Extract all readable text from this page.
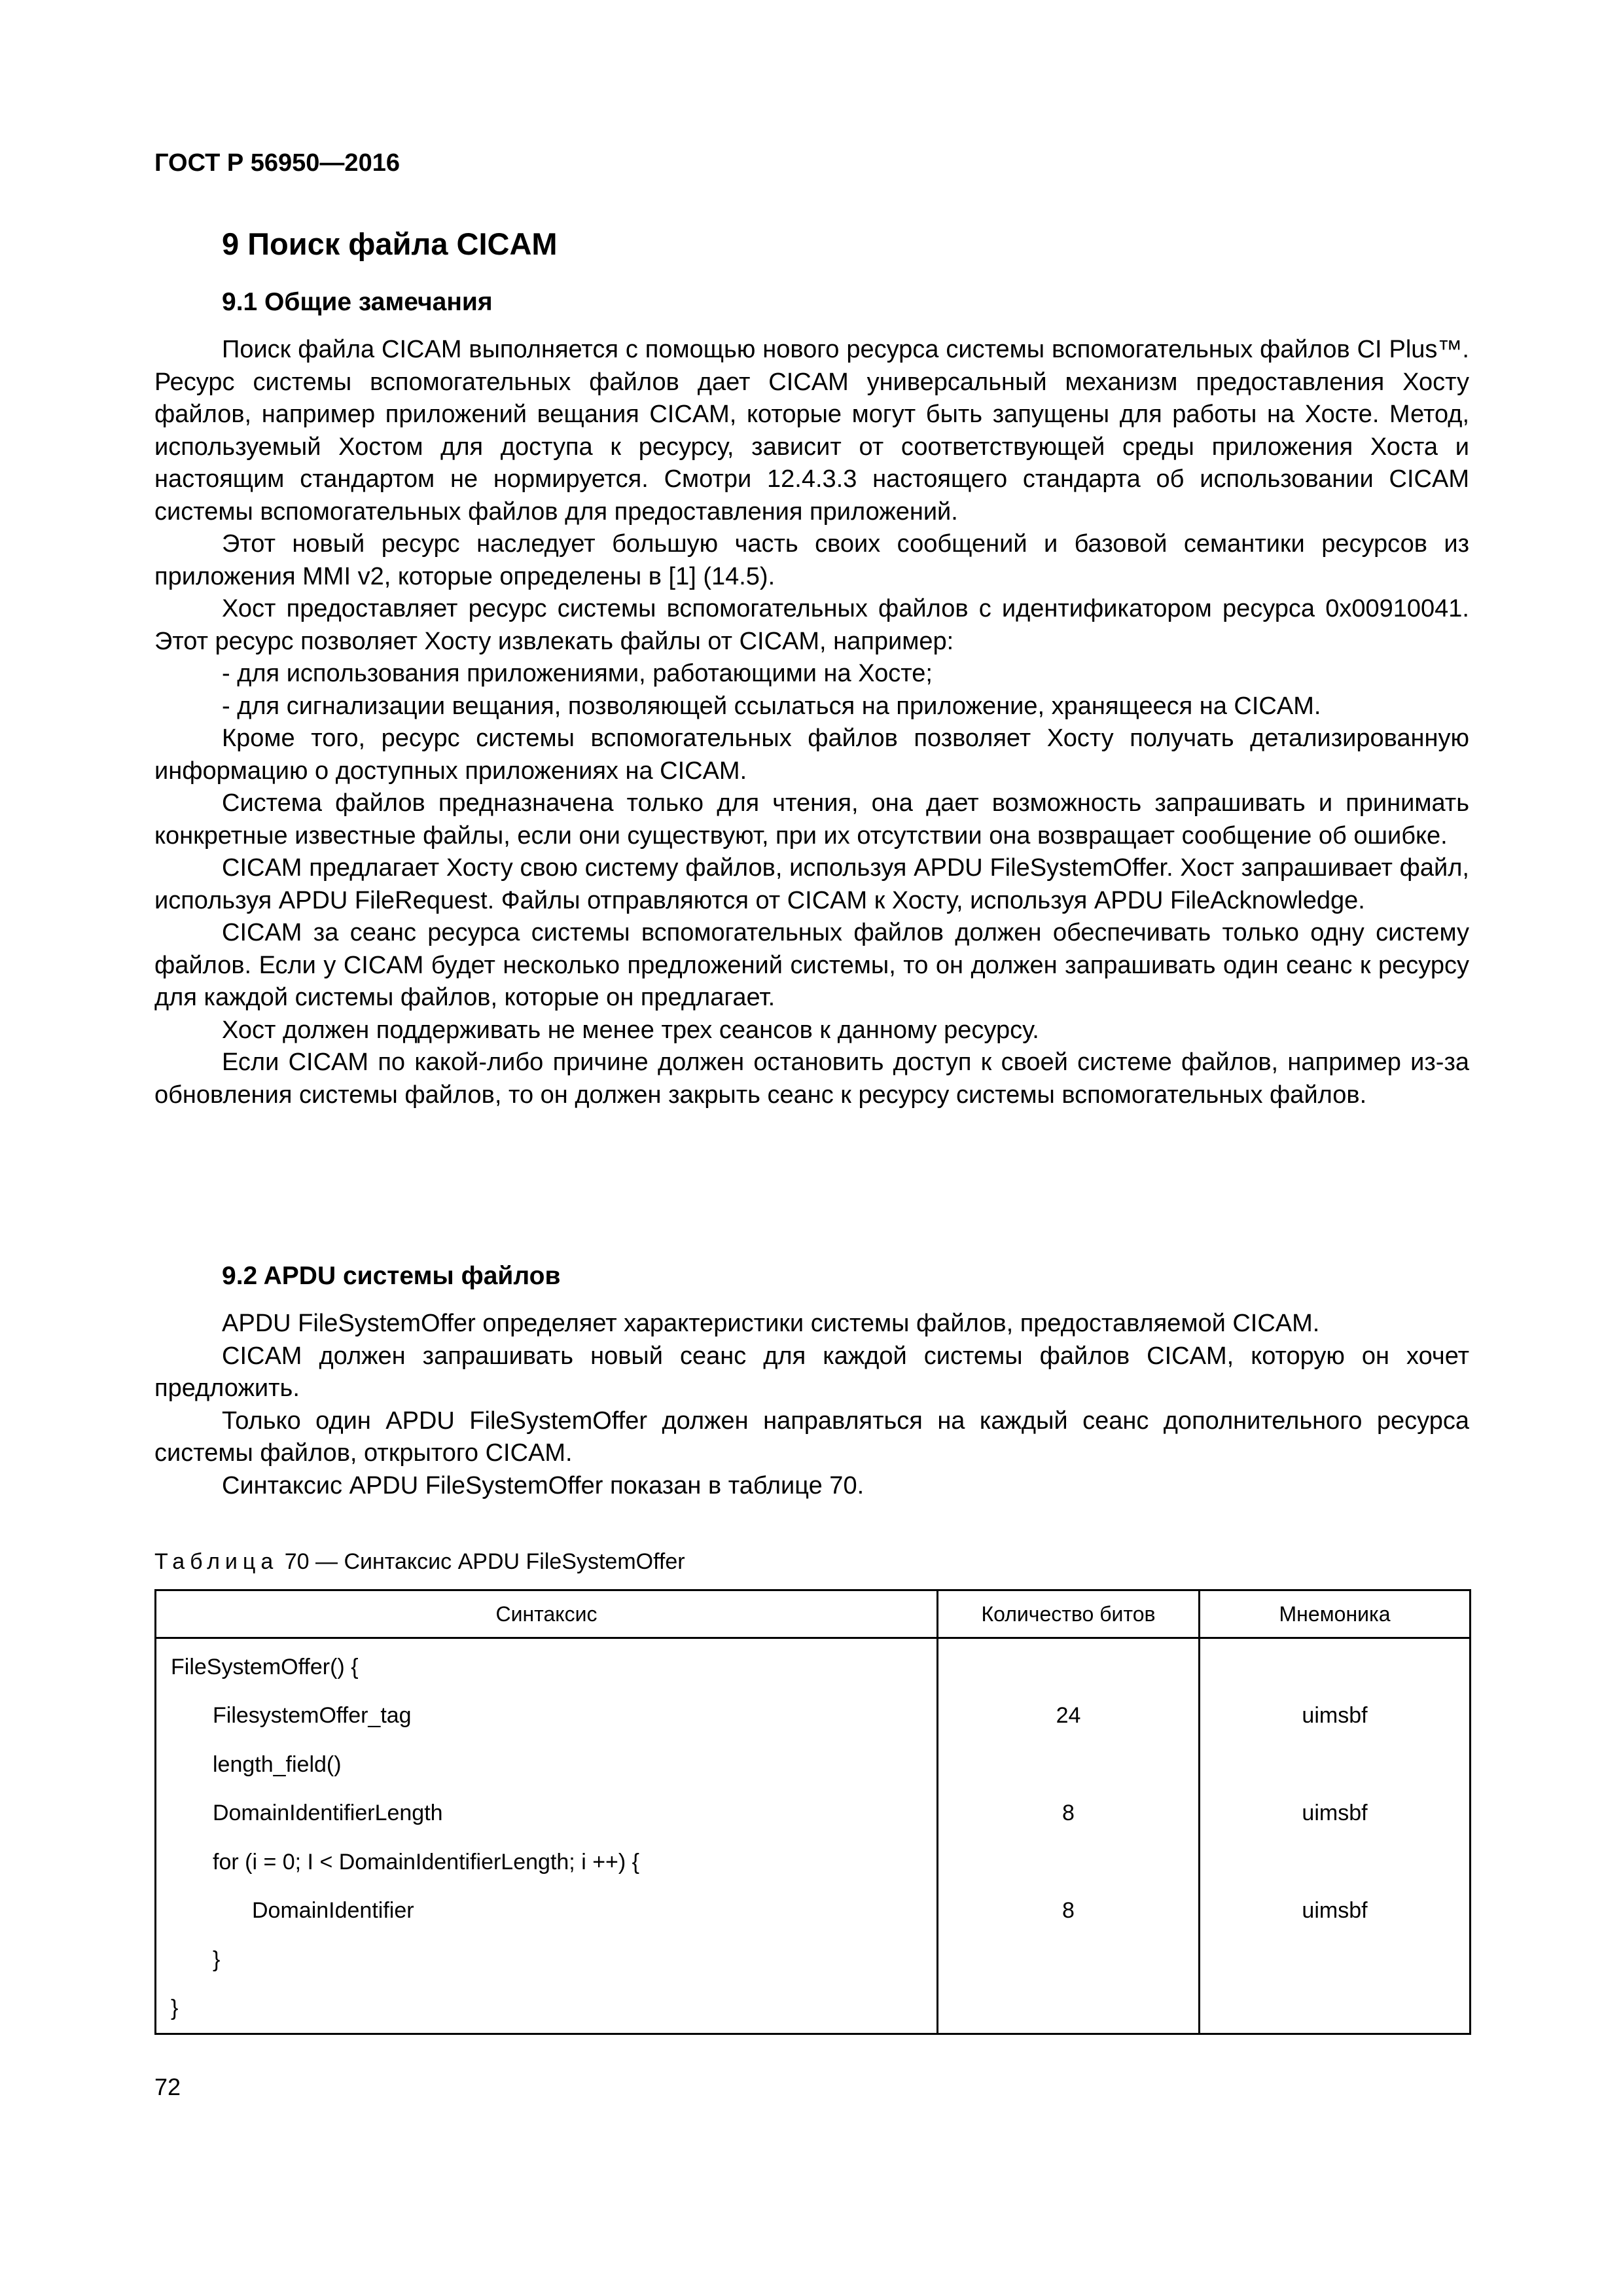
ГОСТ Р 56950—2016
9 Поиск файла CICAM
9.1 Общие замечания

Поиск файла CICAM выполняется с помощью нового ресурса системы вспомогательных файлов CI Plus™. Ресурс системы вспомогательных файлов дает CICAM универсальный механизм предоставления Хосту файлов, например приложений вещания CICAM, которые могут быть запущены для работы на Хосте. Метод, используемый Хостом для доступа к ресурсу, зависит от соответствующей среды приложения Хоста и настоящим стандартом не нормируется. Смотри 12.4.3.3 настоящего стандарта об использовании CICAM системы вспомогательных файлов для предоставления приложений.

Этот новый ресурс наследует большую часть своих сообщений и базовой семантики ресурсов из приложения MMI v2, которые определены в [1] (14.5).

Хост предоставляет ресурс системы вспомогательных файлов с идентификатором ресурса 0x00910041. Этот ресурс позволяет Хосту извлекать файлы от CICAM, например:

- для использования приложениями, работающими на Хосте;

- для сигнализации вещания, позволяющей ссылаться на приложение, хранящееся на CICAM.

Кроме того, ресурс системы вспомогательных файлов позволяет Хосту получать детализированную информацию о доступных приложениях на CICAM.

Система файлов предназначена только для чтения, она дает возможность запрашивать и принимать конкретные известные файлы, если они существуют, при их отсутствии она возвращает сообщение об ошибке.

CICAM предлагает Хосту свою систему файлов, используя APDU FileSystemOffer. Хост запрашивает файл, используя APDU FileRequest. Файлы отправляются от CICAM к Хосту, используя APDU FileAcknowledge.

CICAM за сеанс ресурса системы вспомогательных файлов должен обеспечивать только одну систему файлов. Если у CICAM будет несколько предложений системы, то он должен запрашивать один сеанс к ресурсу для каждой системы файлов, которые он предлагает.

Хост должен поддерживать не менее трех сеансов к данному ресурсу.

Если CICAM по какой-либо причине должен остановить доступ к своей системе файлов, например из-за обновления системы файлов, то он должен закрыть сеанс к ресурсу системы вспомогательных файлов.

9.2 APDU системы файлов

APDU FileSystemOffer определяет характеристики системы файлов, предоставляемой CICAM.

CICAM должен запрашивать новый сеанс для каждой системы файлов CICAM, которую он хочет предложить.

Только один APDU FileSystemOffer должен направляться на каждый сеанс дополнительного ресурса системы файлов, открытого CICAM.

Синтаксис APDU FileSystemOffer показан в таблице 70.

Таблица 70 — Синтаксис APDU FileSystemOffer
Синтаксис	Количество битов	Мнемоника
FileSystemOffer() {		
FilesystemOffer_tag	24	uimsbf
length_field()		
DomainIdentifierLength	8	uimsbf
for (i = 0; I < DomainIdentifierLength; i ++) {		
DomainIdentifier	8	uimsbf
}		
}		
72
